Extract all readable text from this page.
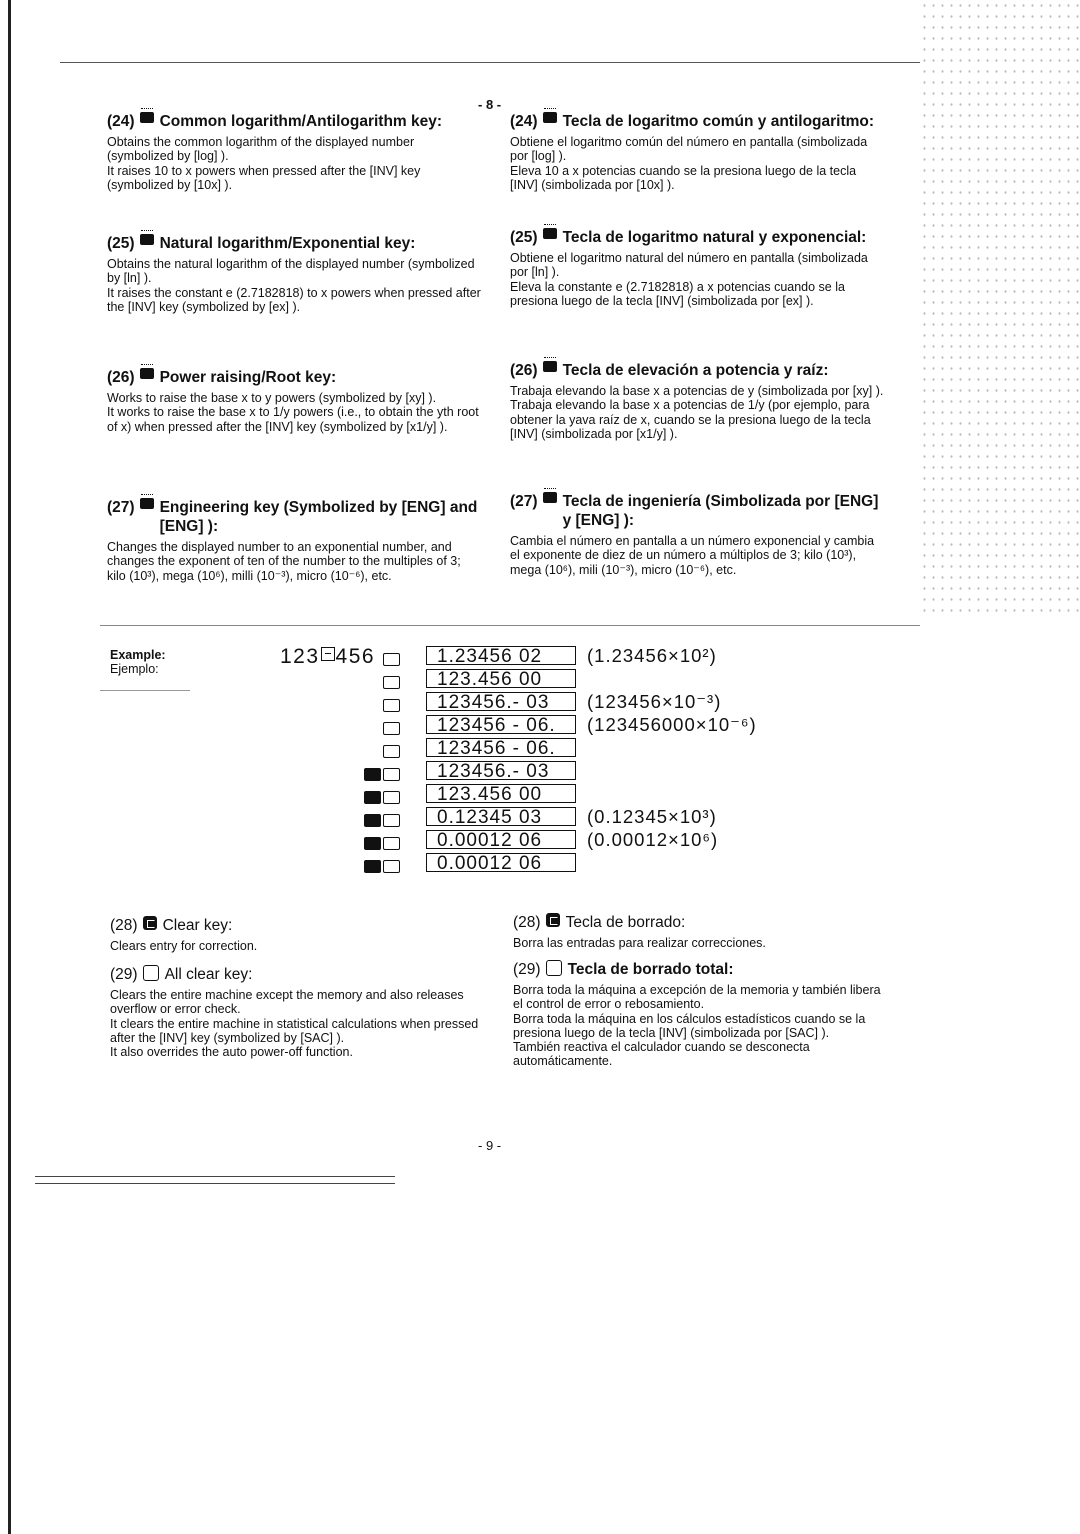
- 8 -
(24) Common logarithm/Antilogarithm key:

Obtains the common logarithm of the displayed number (symbolized by [log] ).
It raises 10 to x powers when pressed after the [INV] key (symbolized by [10x] ).

(25) Natural logarithm/Exponential key:

Obtains the natural logarithm of the displayed number (symbolized by [ln] ).
It raises the constant e (2.7182818) to x powers when pressed after the [INV] key (symbolized by [ex] ).

(26) Power raising/Root key:

Works to raise the base x to y powers (symbolized by [xy] ).
It works to raise the base x to 1/y powers (i.e., to obtain the yth root of x) when pressed after the [INV] key (symbolized by [x1/y] ).

(27) Engineering key (Symbolized by [ENG] and [ENG] ):

Changes the displayed number to an exponential number, and changes the exponent of ten of the number to the multiples of 3; kilo (10³), mega (10⁶), milli (10⁻³), micro (10⁻⁶), etc.

(24) Tecla de logaritmo común y antilogaritmo:

Obtiene el logaritmo común del número en pantalla (simbolizada por [log] ).
Eleva 10 a x potencias cuando se la presiona luego de la tecla [INV] (simbolizada por [10x] ).

(25) Tecla de logaritmo natural y exponencial:

Obtiene el logaritmo natural del número en pantalla (simbolizada por [ln] ).
Eleva la constante e (2.7182818) a x potencias cuando se la presiona luego de la tecla [INV] (simbolizada por [ex] ).

(26) Tecla de elevación a potencia y raíz:

Trabaja elevando la base x a potencias de y (simbolizada por [xy] ).
Trabaja elevando la base x a potencias de 1/y (por ejemplo, para obtener la yava raíz de x, cuando se la presiona luego de la tecla [INV] (simbolizada por [x1/y] ).

(27) Tecla de ingeniería (Simbolizada por [ENG] y [ENG] ):

Cambia el número en pantalla a un número exponencial y cambia el exponente de diez de un número a múltiplos de 3; kilo (10³), mega (10⁶), mili (10⁻³), micro (10⁻⁶), etc.

Example:
Ejemplo:
123 456	1.23456 02
123.456 00
123456.- 03
123456 - 06.
123456 - 06.
123456.- 03
123.456 00
0.12345 03
0.00012 06
0.00012 06
(1.23456×10²)
(123456×10⁻³)
(123456000×10⁻⁶)
(0.12345×10³)
(0.00012×10⁶)
(28) Clear key:

Clears entry for correction.

(29) All clear key:

Clears the entire machine except the memory and also releases overflow or error check.
It clears the entire machine in statistical calculations when pressed after the [INV] key (symbolized by [SAC] ).
It also overrides the auto power-off function.

(28) Tecla de borrado:

Borra las entradas para realizar correcciones.

(29) Tecla de borrado total:

Borra toda la máquina a excepción de la memoria y también libera el control de error o rebosamiento.
Borra toda la máquina en los cálculos estadísticos cuando se la presiona luego de la tecla [INV] (simbolizada por [SAC] ).
También reactiva el calculador cuando se desconecta automáticamente.

- 9 -
